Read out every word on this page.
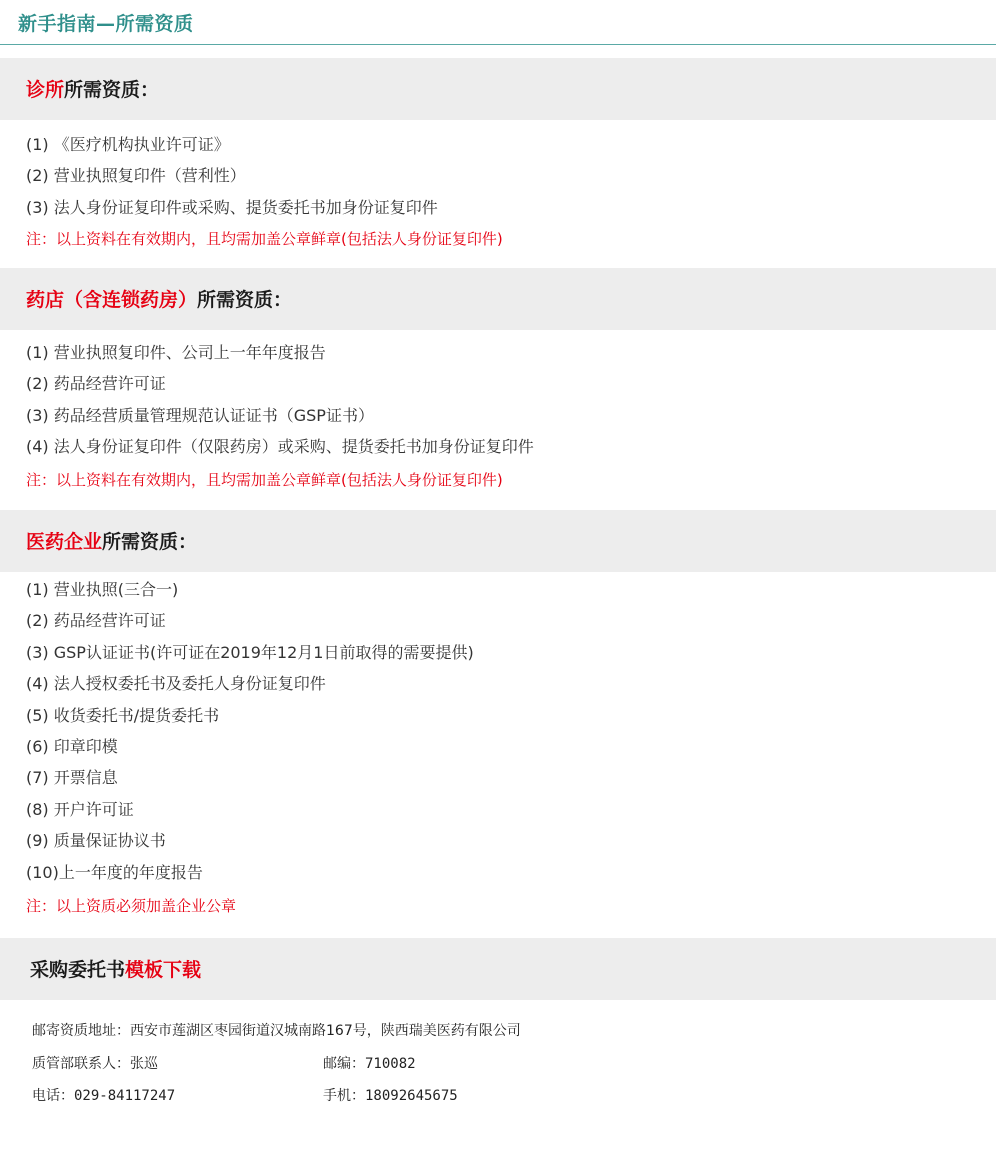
新手指南—所需资质
诊所所需资质：
(1) 《医疗机构执业许可证》
(2) 营业执照复印件（营利性）
(3) 法人身份证复印件或采购、提货委托书加身份证复印件
注：以上资料在有效期内，且均需加盖公章鲜章(包括法人身份证复印件)
药店（含连锁药房）所需资质：
(1) 营业执照复印件、公司上一年年度报告
(2) 药品经营许可证
(3) 药品经营质量管理规范认证证书（GSP证书）
(4) 法人身份证复印件（仅限药房）或采购、提货委托书加身份证复印件
注：以上资料在有效期内，且均需加盖公章鲜章(包括法人身份证复印件)
医药企业所需资质：
(1) 营业执照(三合一)
(2) 药品经营许可证
(3) GSP认证证书(许可证在2019年12月1日前取得的需要提供)
(4) 法人授权委托书及委托人身份证复印件
(5) 收货委托书/提货委托书
(6) 印章印模
(7) 开票信息
(8) 开户许可证
(9) 质量保证协议书
(10)上一年度的年度报告
注：以上资质必须加盖企业公章
采购委托书模板下载
邮寄资质地址：西安市莲湖区枣园街道汉城南路167号，陕西瑞美医药有限公司
质管部联系人：张巡	邮编：710082
电话：029-84117247	手机：18092645675
